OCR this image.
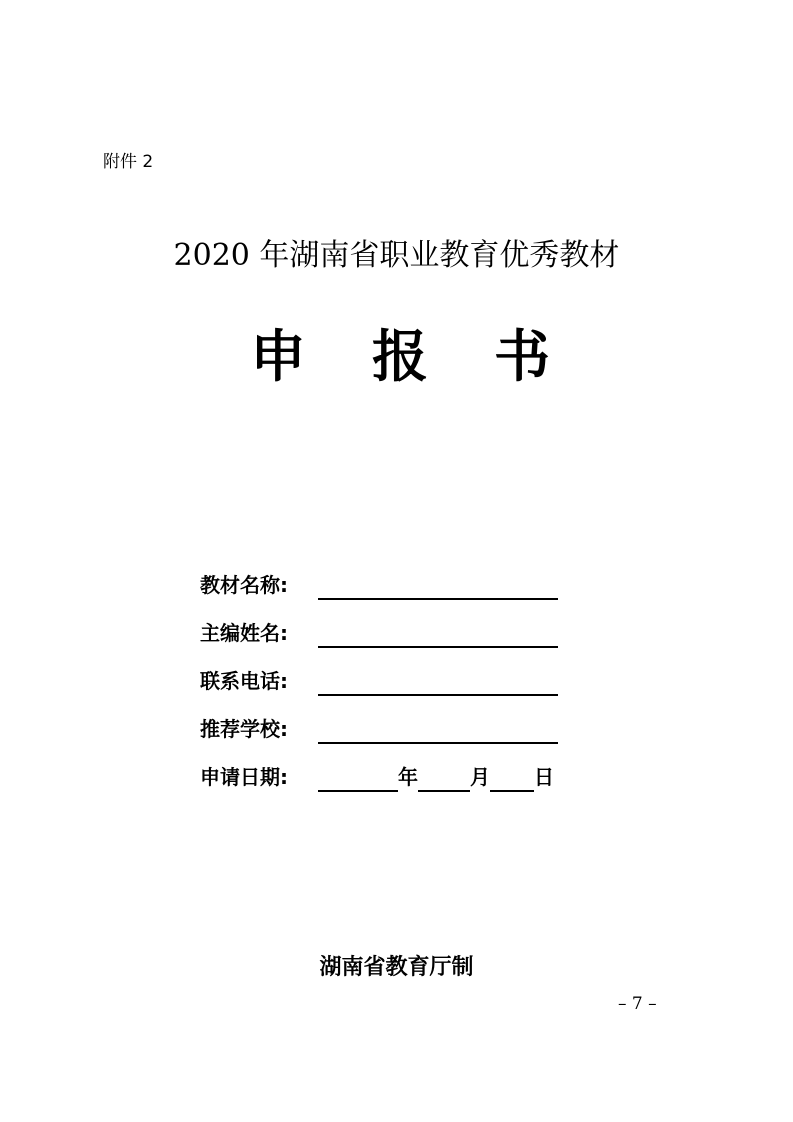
附件 2
2020 年湖南省职业教育优秀教材
申 报 书
教材名称:
主编姓名:
联系电话:
推荐学校:
申请日期:	年	月 日
湖南省教育厅制
– 7 –
